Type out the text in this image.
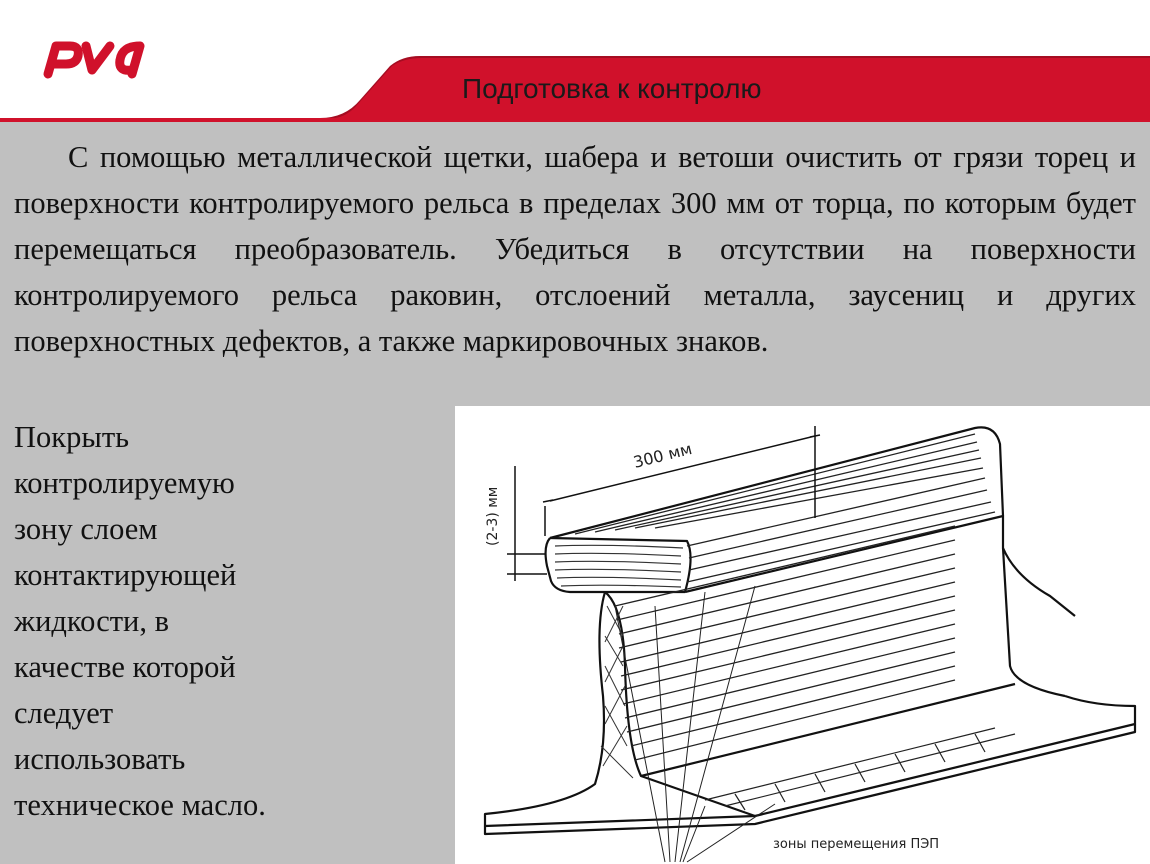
Подготовка к контролю

С помощью металлической щетки, шабера и ветоши очистить от грязи торец и поверхности контролируемого рельса в пределах 300 мм от торца, по которым будет перемещаться преобразователь. Убедиться в отсутствии на поверхности контролируемого рельса раковин, отслоений металла, заусениц и других поверхностных дефектов, а также маркировочных знаков.

Покрыть
контролируемую
зону слоем
контактирующей
жидкости, в
качестве которой
следует
использовать
техническое масло.
300 мм
(2-3) мм
зоны перемещения ПЭП
